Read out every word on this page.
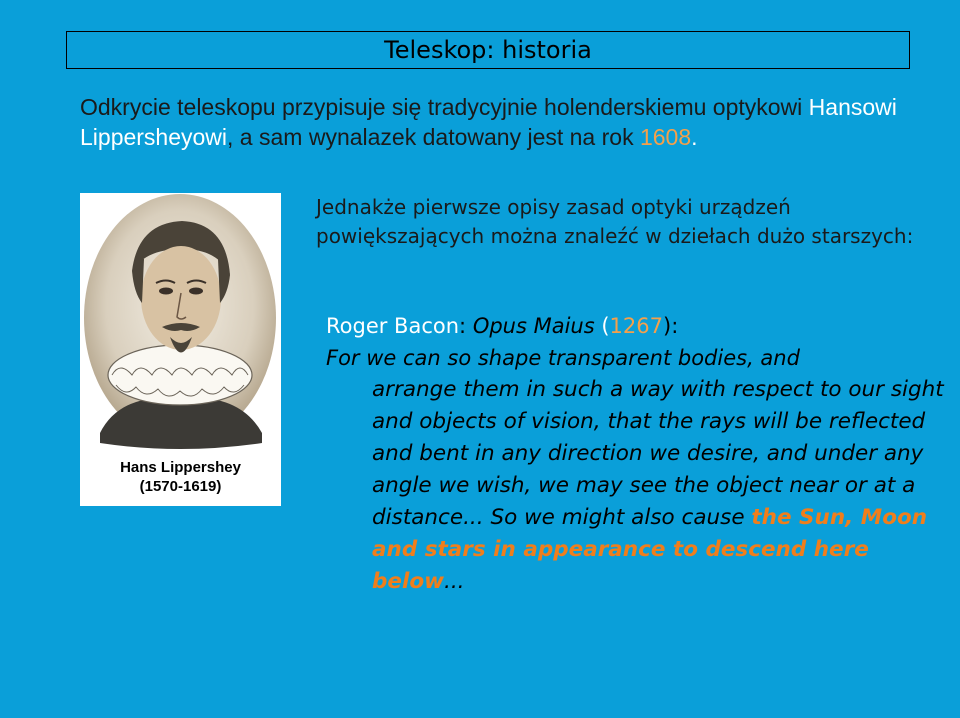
Teleskop: historia
Odkrycie teleskopu przypisuje się tradycyjnie holenderskiemu optykowi Hansowi Lippersheyowi, a sam wynalazek datowany jest na rok 1608.
Hans Lippershey
(1570-1619)
Jednakże pierwsze opisy zasad optyki urządzeń powiększających można znaleźć w dziełach dużo starszych:
Roger Bacon: Opus Maius (1267):
For we can so shape transparent bodies, and
arrange them in such a way with respect to our sight and objects of vision, that the rays will be reflected and bent in any direction we desire, and under any angle we wish, we may see the object near or at a distance... So we might also cause the Sun, Moon and stars in appearance to descend here below...
